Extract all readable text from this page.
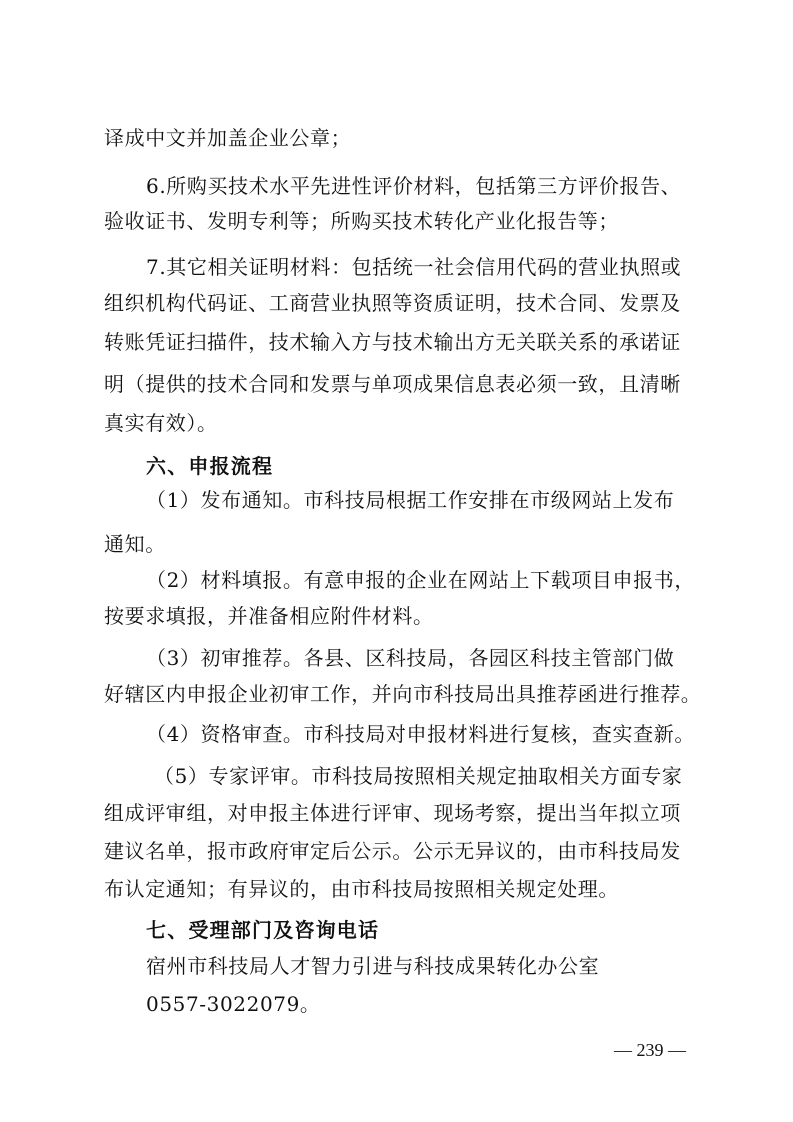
译成中文并加盖企业公章；
6.所购买技术水平先进性评价材料，包括第三方评价报告、
验收证书、发明专利等；所购买技术转化产业化报告等；
7.其它相关证明材料：包括统一社会信用代码的营业执照或
组织机构代码证、工商营业执照等资质证明，技术合同、发票及
转账凭证扫描件，技术输入方与技术输出方无关联关系的承诺证
明（提供的技术合同和发票与单项成果信息表必须一致，且清晰
真实有效）。
六、申报流程
（1）发布通知。市科技局根据工作安排在市级网站上发布
通知。
（2）材料填报。有意申报的企业在网站上下载项目申报书，
按要求填报，并准备相应附件材料。
（3）初审推荐。各县、区科技局，各园区科技主管部门做
好辖区内申报企业初审工作，并向市科技局出具推荐函进行推荐。
（4）资格审查。市科技局对申报材料进行复核，查实查新。
（5）专家评审。市科技局按照相关规定抽取相关方面专家
组成评审组，对申报主体进行评审、现场考察，提出当年拟立项
建议名单，报市政府审定后公示。公示无异议的，由市科技局发
布认定通知；有异议的，由市科技局按照相关规定处理。
七、受理部门及咨询电话
宿州市科技局人才智力引进与科技成果转化办公室
0557-3022079。
— 239 —
